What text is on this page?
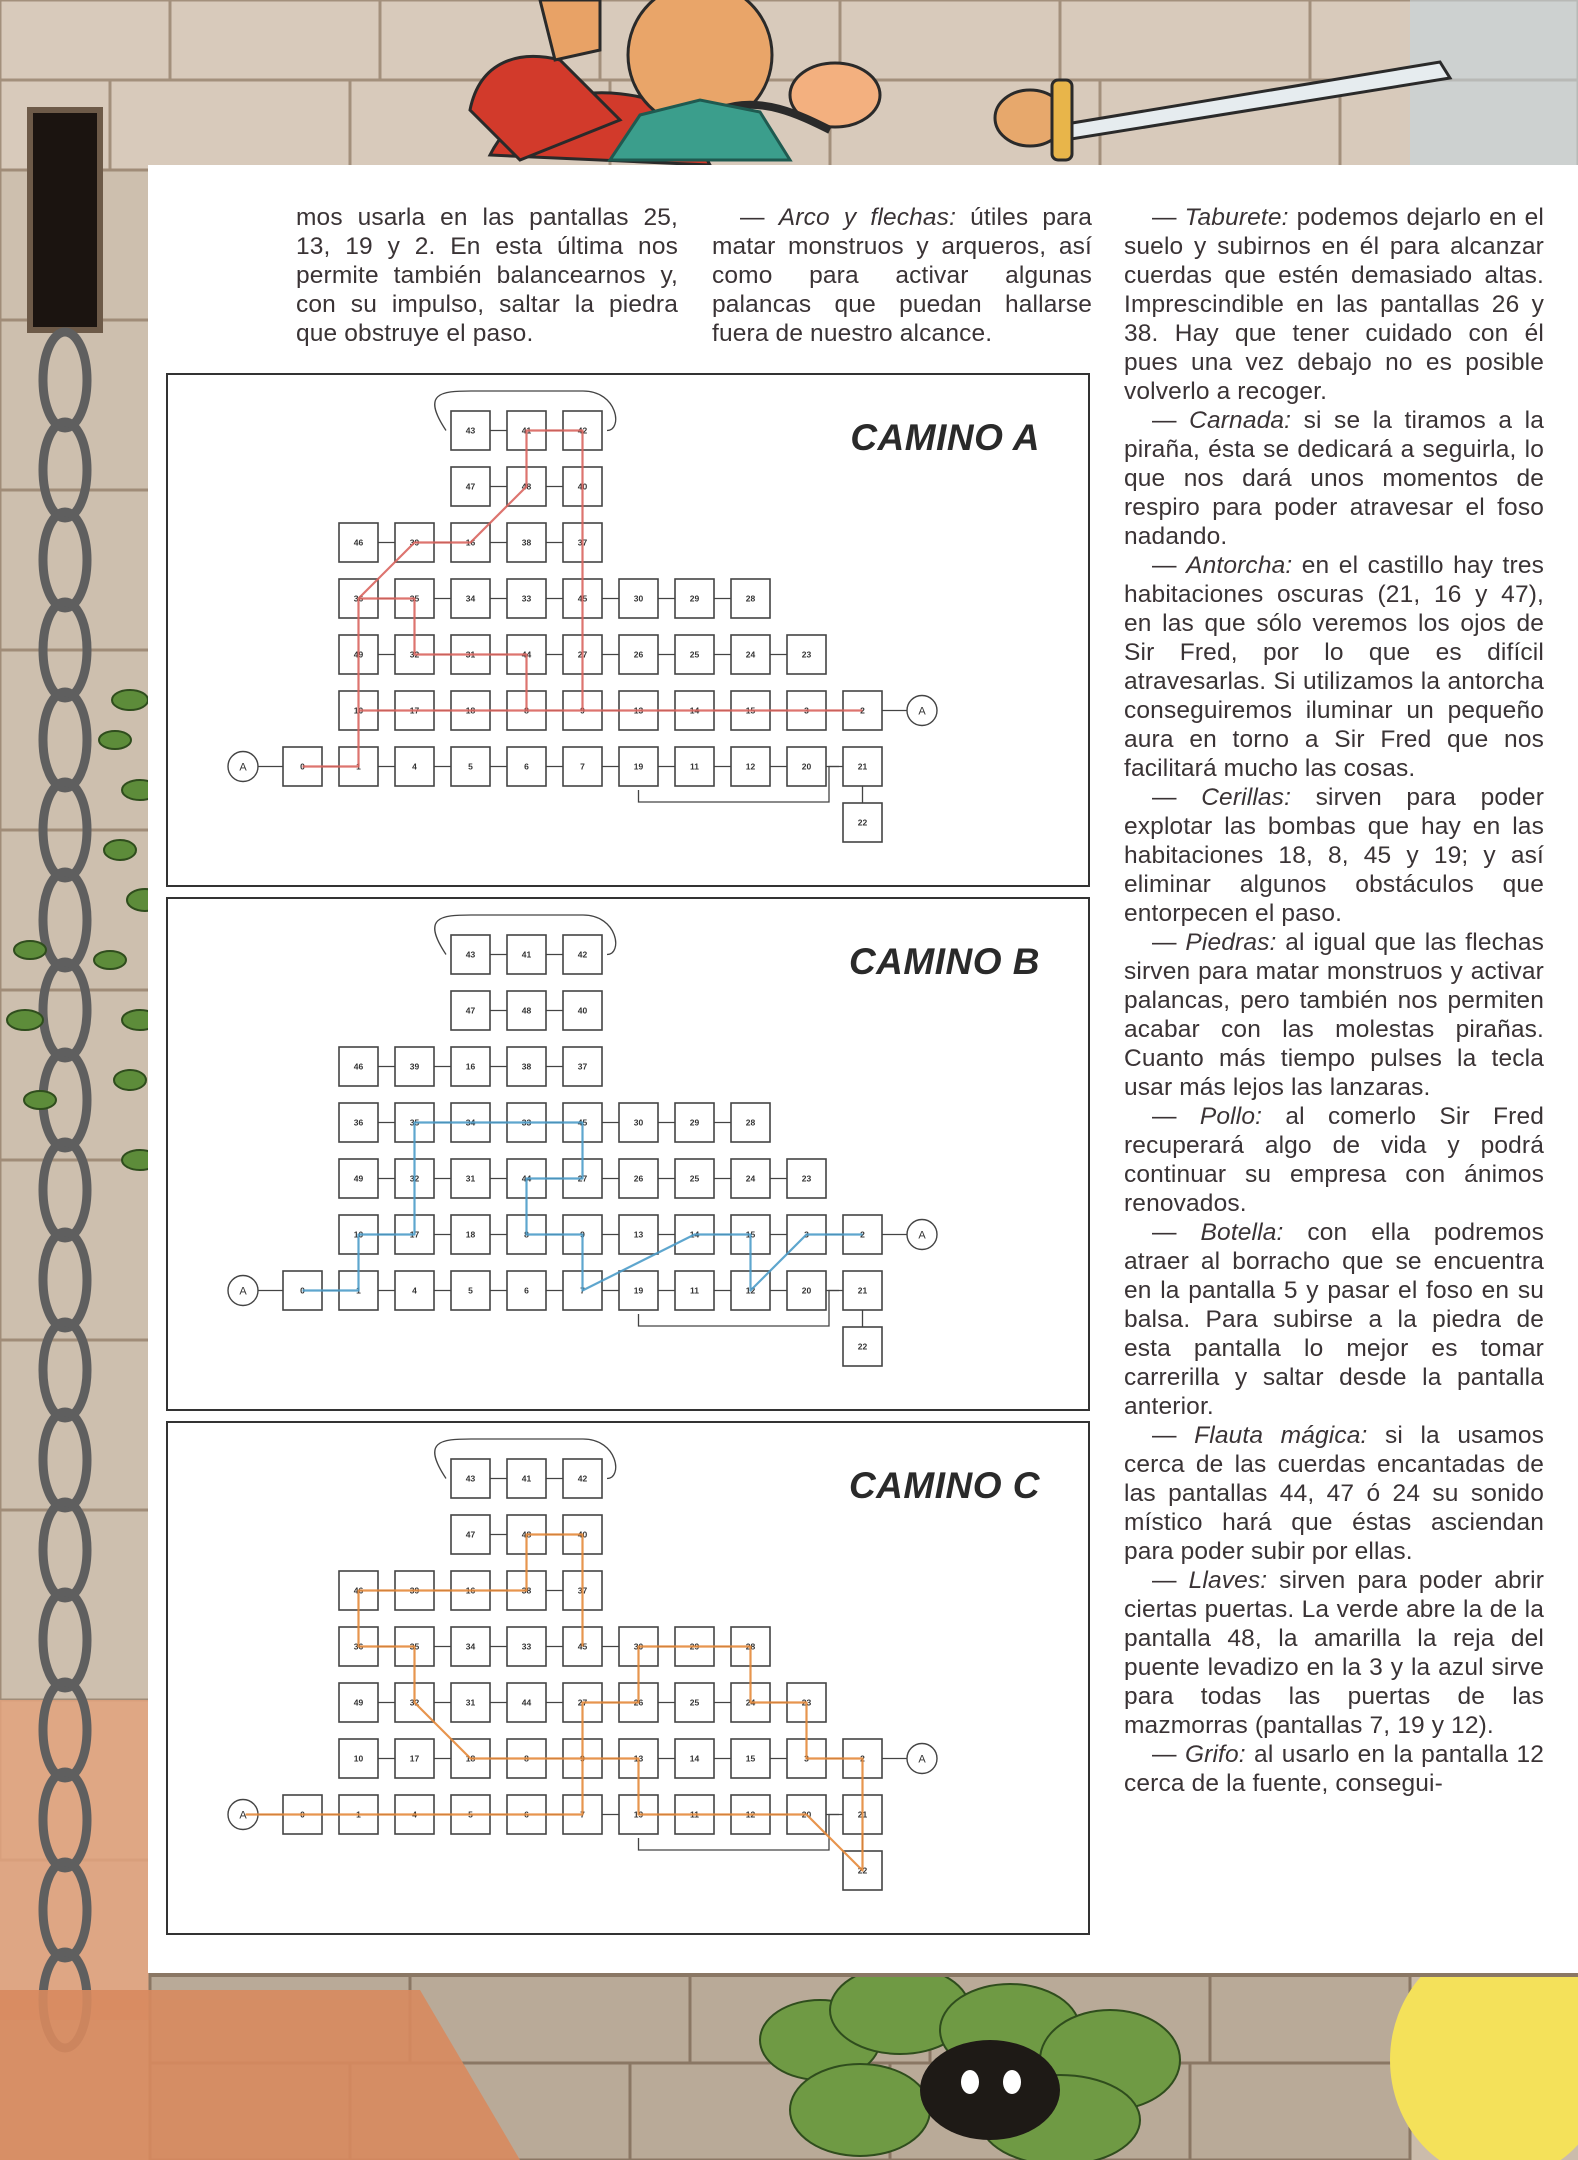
mos usarla en las pantallas 25, 13, 19 y 2. En esta última nos permite también balancearnos y, con su impulso, saltar la piedra que obstruye el paso.

— Arco y flechas: útiles para matar monstruos y arqueros, así como para activar algunas palancas que puedan hallarse fuera de nuestro alcance.

— Taburete: podemos dejarlo en el suelo y subirnos en él para alcanzar cuerdas que estén demasiado altas. Imprescindible en las pantallas 26 y 38. Hay que tener cuidado con él pues una vez debajo no es posible volverlo a recoger.

— Carnada: si se la tiramos a la piraña, ésta se dedicará a seguirla, lo que nos dará unos momentos de respiro para poder atravesar el foso nadando.

— Antorcha: en el castillo hay tres habitaciones oscuras (21, 16 y 47), en las que sólo veremos los ojos de Sir Fred, por lo que es difícil atravesarlas. Si utilizamos la antorcha conseguiremos iluminar un pequeño aura en torno a Sir Fred que nos facilitará mucho las cosas.

— Cerillas: sirven para poder explotar las bombas que hay en las habitaciones 18, 8, 45 y 19; y así eliminar algunos obstáculos que entorpecen el paso.

— Piedras: al igual que las flechas sirven para matar monstruos y activar palancas, pero también nos permiten acabar con las molestas pirañas. Cuanto más tiempo pulses la tecla usar más lejos las lanzaras.

— Pollo: al comerlo Sir Fred recuperará algo de vida y podrá continuar su empresa con ánimos renovados.

— Botella: con ella podremos atraer al borracho que se encuentra en la pantalla 5 y pasar el foso en su balsa. Para subirse a la piedra de esta pantalla lo mejor es tomar carrerilla y saltar desde la pantalla anterior.

— Flauta mágica: si la usamos cerca de las cuerdas encantadas de las pantallas 44, 47 ó 24 su sonido místico hará que éstas asciendan para poder subir por ellas.

— Llaves: sirven para poder abrir ciertas puertas. La verde abre la de la pantalla 48, la amarilla la reja del puente levadizo en la 3 y la azul sirve para todas las puertas de las mazmorras (pantallas 7, 19 y 12).

— Grifo: al usarlo en la pantalla 12 cerca de la fuente, consegui-

CAMINO A
43	41	42
47	48	40
46	39	16	38	37
36	35	34	33	45	30	29	28
49	32	31	44	27	26	25	24	23
10	17	18	8	9	13	14	15	3	2
0	1	4	5	6	7	19	11	12	20	21
22
A
A
CAMINO B
43	41	42
47	48	40
46	39	16	38	37
36	35	34	33	45	30	29	28
49	32	31	44	27	26	25	24	23
10	17	18	8	9	13	14	15	3	2
0	1	4	5	6	7	19	11	12	20	21
22
A
A
CAMINO C
43	41	42
47	48	40
46	39	16	38	37
36	35	34	33	45	30	29	28
49	32	31	44	27	26	25	24	23
10	17	18	8	9	13	14	15	3	2
0	1	4	5	6	7	19	11	12	20	21
22
A
A
